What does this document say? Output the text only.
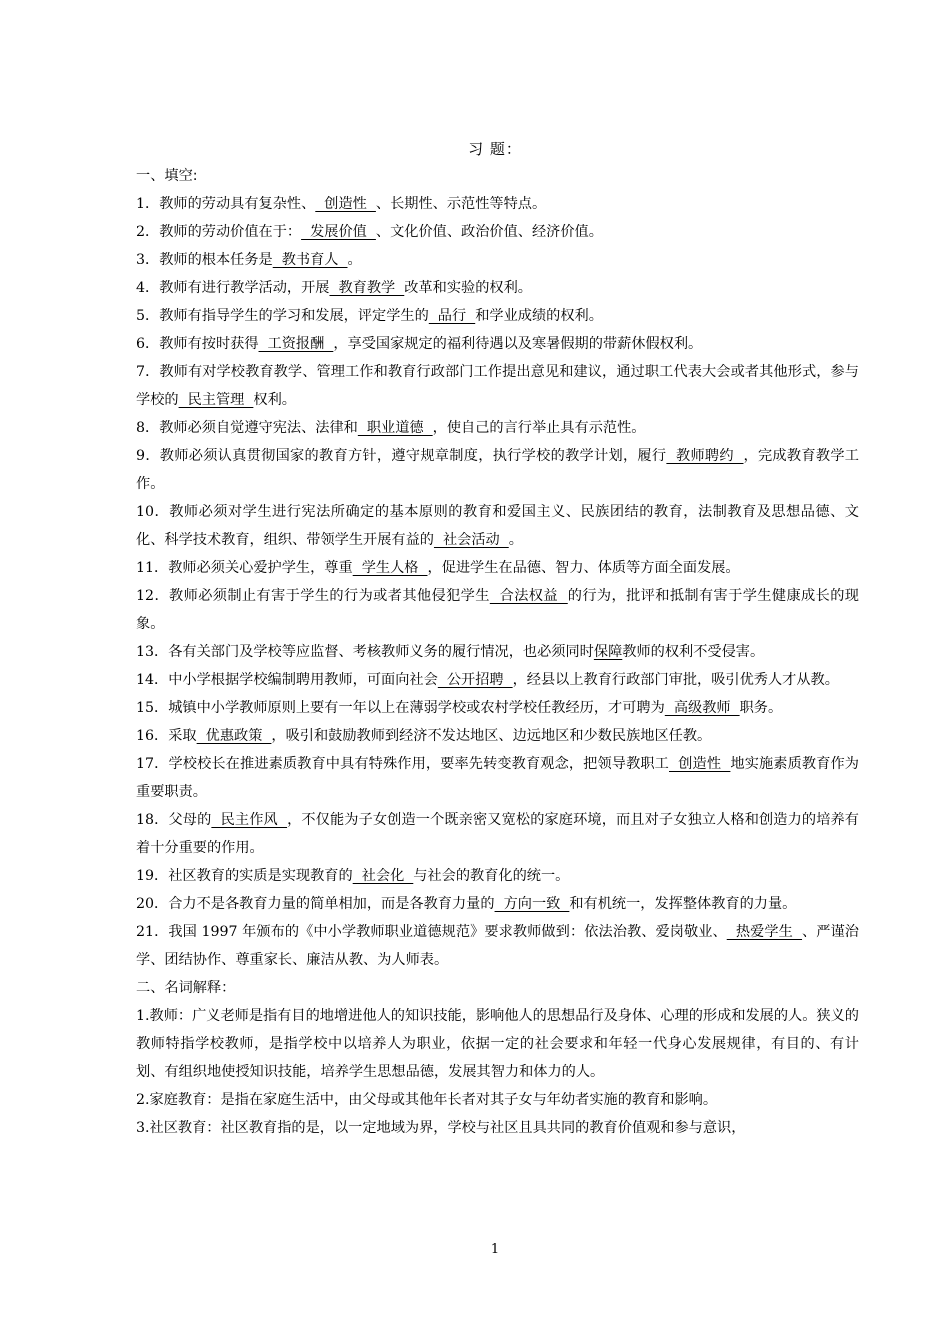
习 题：

一、填空:

1．教师的劳动具有复杂性、  创造性  、长期性、示范性等特点。

2．教师的劳动价值在于：  发展价值  、文化价值、政治价值、经济价值。

3．教师的根本任务是  教书育人  。

4．教师有进行教学活动，开展  教育教学  改革和实验的权利。

5．教师有指导学生的学习和发展，评定学生的  品行  和学业成绩的权利。

6．教师有按时获得  工资报酬  ，享受国家规定的福利待遇以及寒暑假期的带薪休假权利。

7．教师有对学校教育教学、管理工作和教育行政部门工作提出意见和建议，通过职工代表大会或者其他形式，参与学校的  民主管理  权利。

8．教师必须自觉遵守宪法、法律和  职业道德  ，使自己的言行举止具有示范性。

9．教师必须认真贯彻国家的教育方针，遵守规章制度，执行学校的教学计划，履行  教师聘约  ，完成教育教学工作。

10．教师必须对学生进行宪法所确定的基本原则的教育和爱国主义、民族团结的教育，法制教育及思想品德、文化、科学技术教育，组织、带领学生开展有益的  社会活动  。

11．教师必须关心爱护学生，尊重  学生人格  ，促进学生在品德、智力、体质等方面全面发展。

12．教师必须制止有害于学生的行为或者其他侵犯学生  合法权益  的行为，批评和抵制有害于学生健康成长的现象。

13．各有关部门及学校等应监督、考核教师义务的履行情况，也必须同时保障教师的权利不受侵害。

14．中小学根据学校编制聘用教师，可面向社会  公开招聘  ，经县以上教育行政部门审批，吸引优秀人才从教。

15．城镇中小学教师原则上要有一年以上在薄弱学校或农村学校任教经历，才可聘为  高级教师  职务。

16．采取  优惠政策  ，吸引和鼓励教师到经济不发达地区、边远地区和少数民族地区任教。

17．学校校长在推进素质教育中具有特殊作用，要率先转变教育观念，把领导教职工  创造性  地实施素质教育作为重要职责。

18．父母的  民主作风  ，不仅能为子女创造一个既亲密又宽松的家庭环境，而且对子女独立人格和创造力的培养有着十分重要的作用。

19．社区教育的实质是实现教育的  社会化  与社会的教育化的统一。

20．合力不是各教育力量的简单相加，而是各教育力量的  方向一致  和有机统一，发挥整体教育的力量。

21．我国 1997 年颁布的《中小学教师职业道德规范》要求教师做到：依法治教、爱岗敬业、  热爱学生  、严谨治学、团结协作、尊重家长、廉洁从教、为人师表。

二、名词解释：

1.教师：广义老师是指有目的地增进他人的知识技能，影响他人的思想品行及身体、心理的形成和发展的人。狭义的教师特指学校教师，是指学校中以培养人为职业，依据一定的社会要求和年轻一代身心发展规律，有目的、有计划、有组织地使授知识技能，培养学生思想品德，发展其智力和体力的人。

2.家庭教育：是指在家庭生活中，由父母或其他年长者对其子女与年幼者实施的教育和影响。

3.社区教育：社区教育指的是，以一定地域为界，学校与社区且具共同的教育价值观和参与意识，

1
